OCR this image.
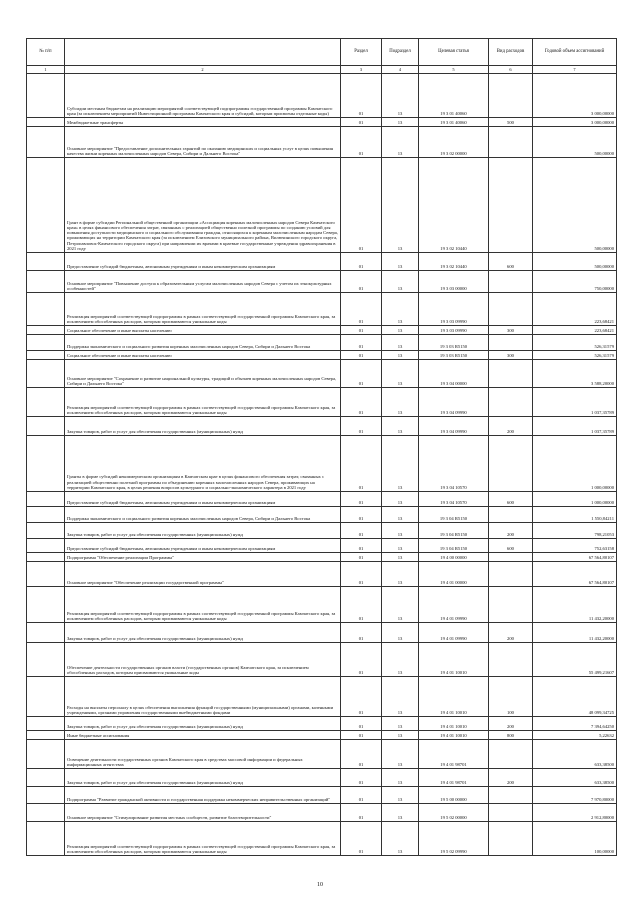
№ п/п		Раздел	Подраздел	Целевая статья	Вид расходов	Годовой объем ассигнований
1	2	3	4	5	6	7
	Субсидии местным бюджетам на реализацию мероприятий соответствующей подпрограммы государственной программы Камчатского края (за исключением мероприятий Инвестиционной программы Камчатского края и субсидий, которым присвоены отдельные коды)	01	13	19 3 01 40060		3 000,00000
	Межбюджетные трансферты	01	13	19 3 01 40060	500	3 000,00000
	Основное мероприятие "Предоставление дополнительных гарантий по оказанию медицинских и социальных услуг в целях повышения качества жизни коренных малочисленных народов Севера, Сибири и Дальнего Востока"	01	13	19 3 02 00000		500,00000
	Грант в форме субсидии Региональной общественной организации «Ассоциация коренных малочисленных народов Севера Камчатского края» в целях финансового обеспечения затрат, связанных с реализацией общественно полезной программы по созданию условий для повышения доступности медицинского и социального обслуживания граждан, относящихся к коренным малочисленным народам Севера, проживающих на территории Камчатского края (за исключением Елизовского муниципального района, Вилючинского городского округа, Петропавловск-Камчатского городского округа) при направлении их врачами в краевые государственные учреждения здравоохранения в 2021 году	01	13	19 3 02 10440		500,00000
	Предоставление субсидий бюджетным, автономным учреждениям и иным некоммерческим организациям	01	13	19 3 02 10440	600	500,00000
	Основное мероприятие "Повышение доступа к образовательным услугам малочисленных народов Севера с учетом их этнокультурных особенностей"	01	13	19 3 03 00000		750,00000
	Реализация мероприятий соответствующей подпрограммы в рамках соответствующей государственной программы Камчатского края, за исключением обособленных расходов, которым присваиваются уникальные коды	01	13	19 3 03 09990		223,68421
	Социальное обеспечение и иные выплаты населению	01	13	19 3 03 09990	300	223,68421
	Поддержка экономического и социального развития коренных малочисленных народов Севера, Сибири и Дальнего Востока	01	13	19 3 03 R5150		526,31579
	Социальное обеспечение и иные выплаты населению	01	13	19 3 03 R5150	300	526,31579
	Основное мероприятие "Сохранение и развитие национальной культуры, традиций и обычаев коренных малочисленных народов Севера, Сибири и Дальнего Востока"	01	13	19 3 04 00000		3 588,20000
	Реализация мероприятий соответствующей подпрограммы в рамках соответствующей государственной программы Камчатского края, за исключением обособленных расходов, которым присваиваются уникальные коды	01	13	19 3 04 09990		1 037,35789
	Закупка товаров, работ и услуг для обеспечения государственных (муниципальных) нужд	01	13	19 3 04 09990	200	1 037,35789
	Гранты в форме субсидий некоммерческим организациям в Камчатском крае в целях финансового обеспечения затрат, связанных с реализацией общественно полезной программы по объединению коренных малочисленных народов Севера, проживающих на территории Камчатского края, в целях решения вопросов культурного и социально-экономического характера в 2021 году	01	13	19 3 04 10570		1 000,00000
	Предоставление субсидий бюджетным, автономным учреждениям и иным некоммерческим организациям	01	13	19 3 04 10570	600	1 000,00000
	Поддержка экономического и социального развития коренных малочисленных народов Севера, Сибири и Дальнего Востока	01	13	19 3 04 R5150		1 550,84211
	Закупка товаров, работ и услуг для обеспечения государственных (муниципальных) нужд	01	13	19 3 04 R5150	200	798,21053
	Предоставление субсидий бюджетным, автономным учреждениям и иным некоммерческим организациям	01	13	19 3 04 R5150	600	752,63158
	Подпрограмма "Обеспечение реализации Программы"	01	13	19 4 00 00000		67 564,80107
	Основное мероприятие "Обеспечение реализации государственной программы"	01	13	19 4 01 00000		67 564,80107
	Реализация мероприятий соответствующей подпрограммы в рамках соответствующей государственной программы Камчатского края, за исключением обособленных расходов, которым присваиваются уникальные коды	01	13	19 4 01 09990		11 432,20000
	Закупка товаров, работ и услуг для обеспечения государственных (муниципальных) нужд	01	13	19 4 01 09990	200	11 432,20000
	Обеспечение деятельности государственных органов власти (государственных органов) Камчатского края, за исключением обособленных расходов, которым присваиваются уникальные коды	01	13	19 4 01 10010		55 499,21607
	Расходы на выплаты персоналу в целях обеспечения выполнения функций государственными (муниципальными) органами, казенными учреждениями, органами управления государственными внебюджетными фондами	01	13	19 4 01 10010	100	48 099,34725
	Закупка товаров, работ и услуг для обеспечения государственных (муниципальных) нужд	01	13	19 4 01 10010	200	7 394,64250
	Иные бюджетные ассигнования	01	13	19 4 01 10010	800	5,22632
	Освещение деятельности государственных органов Камчатского края в средствах массовой информации и федеральных информационных агентствах	01	13	19 4 01 98701		633,38500
	Закупка товаров, работ и услуг для обеспечения государственных (муниципальных) нужд	01	13	19 4 01 98701	200	633,38500
	Подпрограмма "Развитие гражданской активности и государственная поддержка некоммерческих неправительственных организаций"	01	13	19 5 00 00000		7 970,80000
	Основное мероприятие "Стимулирование развития местных сообществ, развитие благотворительности"	01	13	19 5 02 00000		2 912,80000
	Реализация мероприятий соответствующей подпрограммы в рамках соответствующей государственной программы Камчатского края, за исключением обособленных расходов, которым присваиваются уникальные коды	01	13	19 5 02 09990		100,00000
10
